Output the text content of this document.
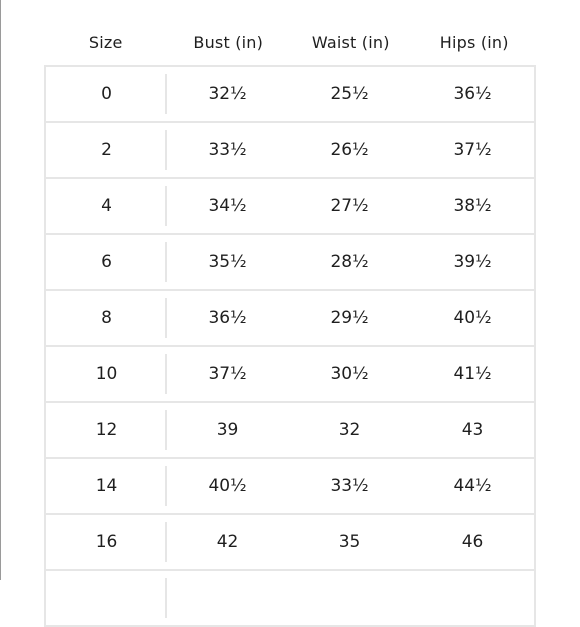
Size	Bust (in)	Waist (in)	Hips (in)
0	32½	25½	36½
2	33½	26½	37½
4	34½	27½	38½
6	35½	28½	39½
8	36½	29½	40½
10	37½	30½	41½
12	39	32	43
14	40½	33½	44½
16	42	35	46
